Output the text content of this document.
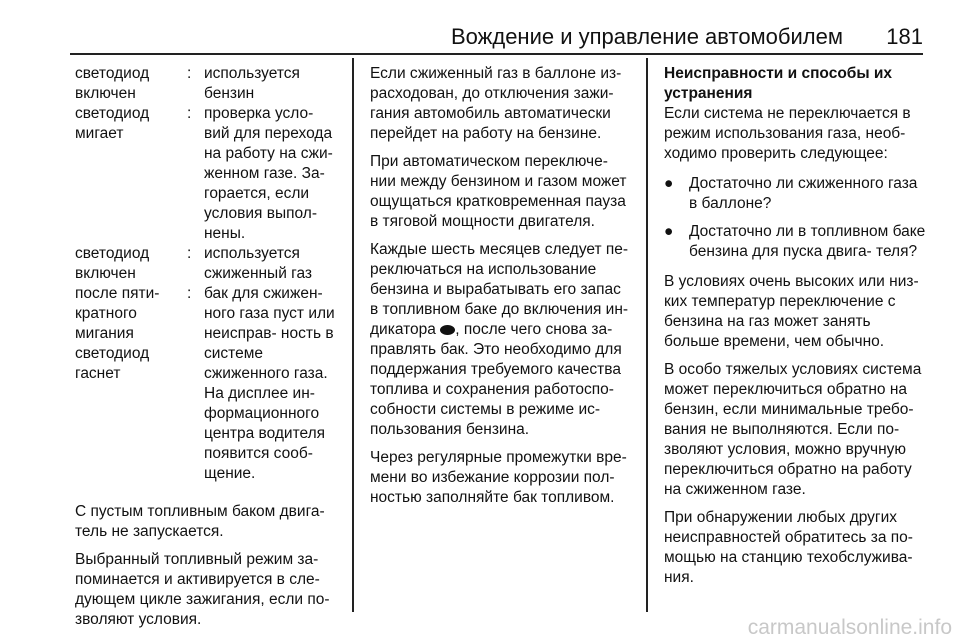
Вождение и управление автомобилем 181
светодиод включен
: используется бензин
светодиод мигает
: проверка усло- вий для перехода на работу на сжи- женном газе. За- горается, если условия выпол- нены.
светодиод включен
: используется сжиженный газ
после пяти- кратного мигания светодиод гаснет
: бак для сжижен- ного газа пуст или неисправ- ность в системе сжиженного газа. На дисплее ин- формационного центра водителя появится сооб- щение.

С пустым топливным баком двига- тель не запускается.

Выбранный топливный режим за- поминается и активируется в сле- дующем цикле зажигания, если по- зволяют условия.

Если сжиженный газ в баллоне из- расходован, до отключения зажи- гания автомобиль автоматически перейдет на работу на бензине.

При автоматическом переключе- нии между бензином и газом может ощущаться кратковременная пауза в тяговой мощности двигателя.

Каждые шесть месяцев следует пе- реключаться на использование бензина и вырабатывать его запас в топливном баке до включения ин- дикатора , после чего снова за- правлять бак. Это необходимо для поддержания требуемого качества топлива и сохранения работоспо- собности системы в режиме ис- пользования бензина.

Через регулярные промежутки вре- мени во избежание коррозии пол- ностью заполняйте бак топливом.

Неисправности и способы их устранения

Если система не переключается в режим использования газа, необ- ходимо проверить следующее:

● Достаточно ли сжиженного газа в баллоне?
● Достаточно ли в топливном баке бензина для пуска двига- теля?

В условиях очень высоких или низ- ких температур переключение с бензина на газ может занять больше времени, чем обычно.

В особо тяжелых условиях система может переключиться обратно на бензин, если минимальные требо- вания не выполняются. Если по- зволяют условия, можно вручную переключиться обратно на работу на сжиженном газе.

При обнаружении любых других неисправностей обратитесь за по- мощью на станцию техобслужива- ния.

carmanualsonline.info
